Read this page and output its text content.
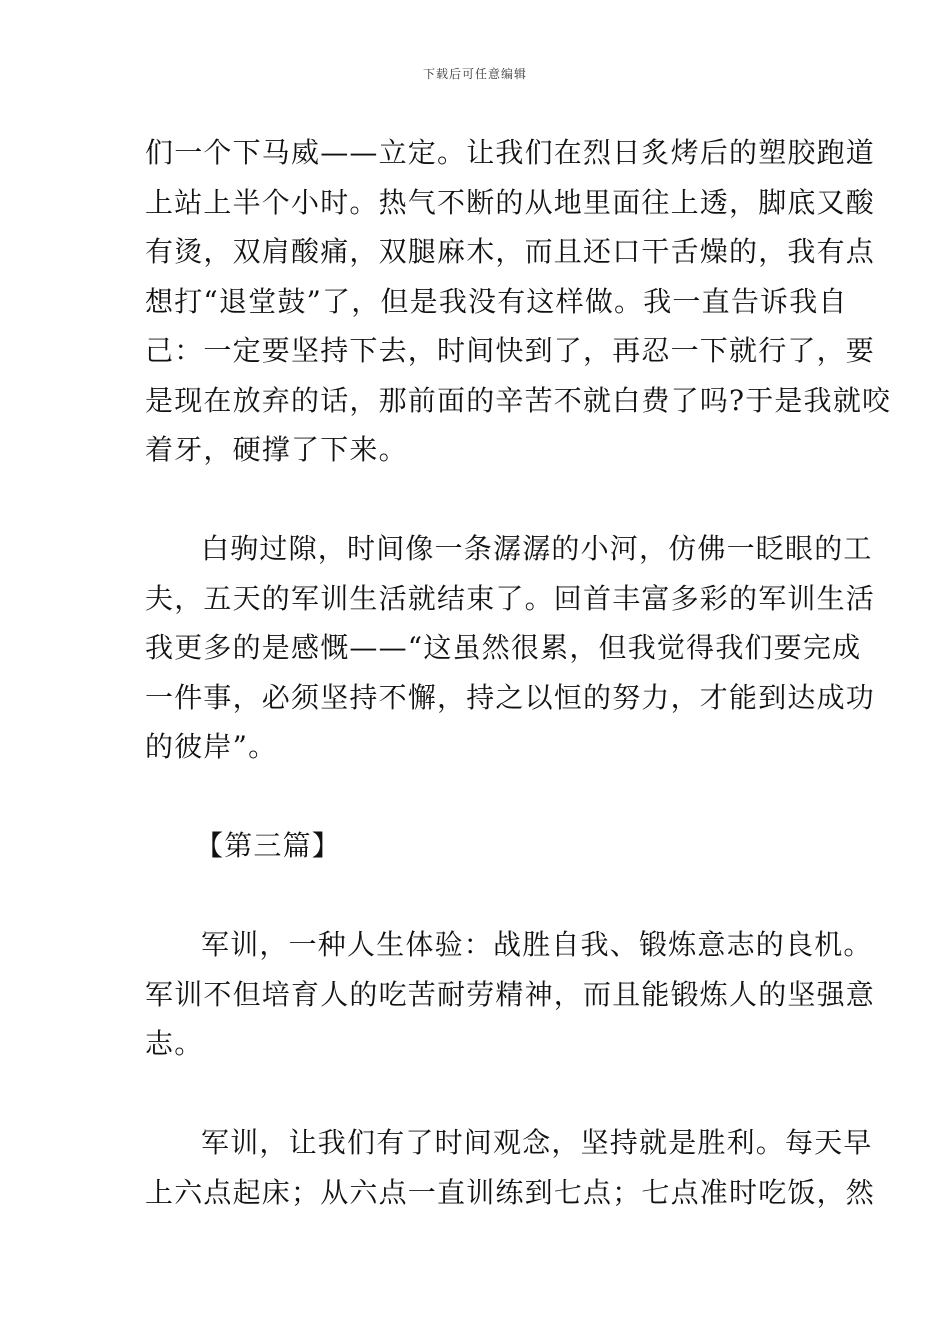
下载后可任意编辑
们一个下马威——立定。让我们在烈日炙烤后的塑胶跑道
上站上半个小时。热气不断的从地里面往上透，脚底又酸
有烫，双肩酸痛，双腿麻木，而且还口干舌燥的，我有点
想打“退堂鼓”了，但是我没有这样做。我一直告诉我自
己：一定要坚持下去，时间快到了，再忍一下就行了，要
是现在放弃的话，那前面的辛苦不就白费了吗?于是我就咬
着牙，硬撑了下来。
白驹过隙，时间像一条潺潺的小河，仿佛一眨眼的工
夫，五天的军训生活就结束了。回首丰富多彩的军训生活
我更多的是感慨——“这虽然很累，但我觉得我们要完成
一件事，必须坚持不懈，持之以恒的努力，才能到达成功
的彼岸”。
【第三篇】
军训，一种人生体验：战胜自我、锻炼意志的良机。
军训不但培育人的吃苦耐劳精神，而且能锻炼人的坚强意
志。
军训，让我们有了时间观念，坚持就是胜利。每天早
上六点起床；从六点一直训练到七点；七点准时吃饭，然
